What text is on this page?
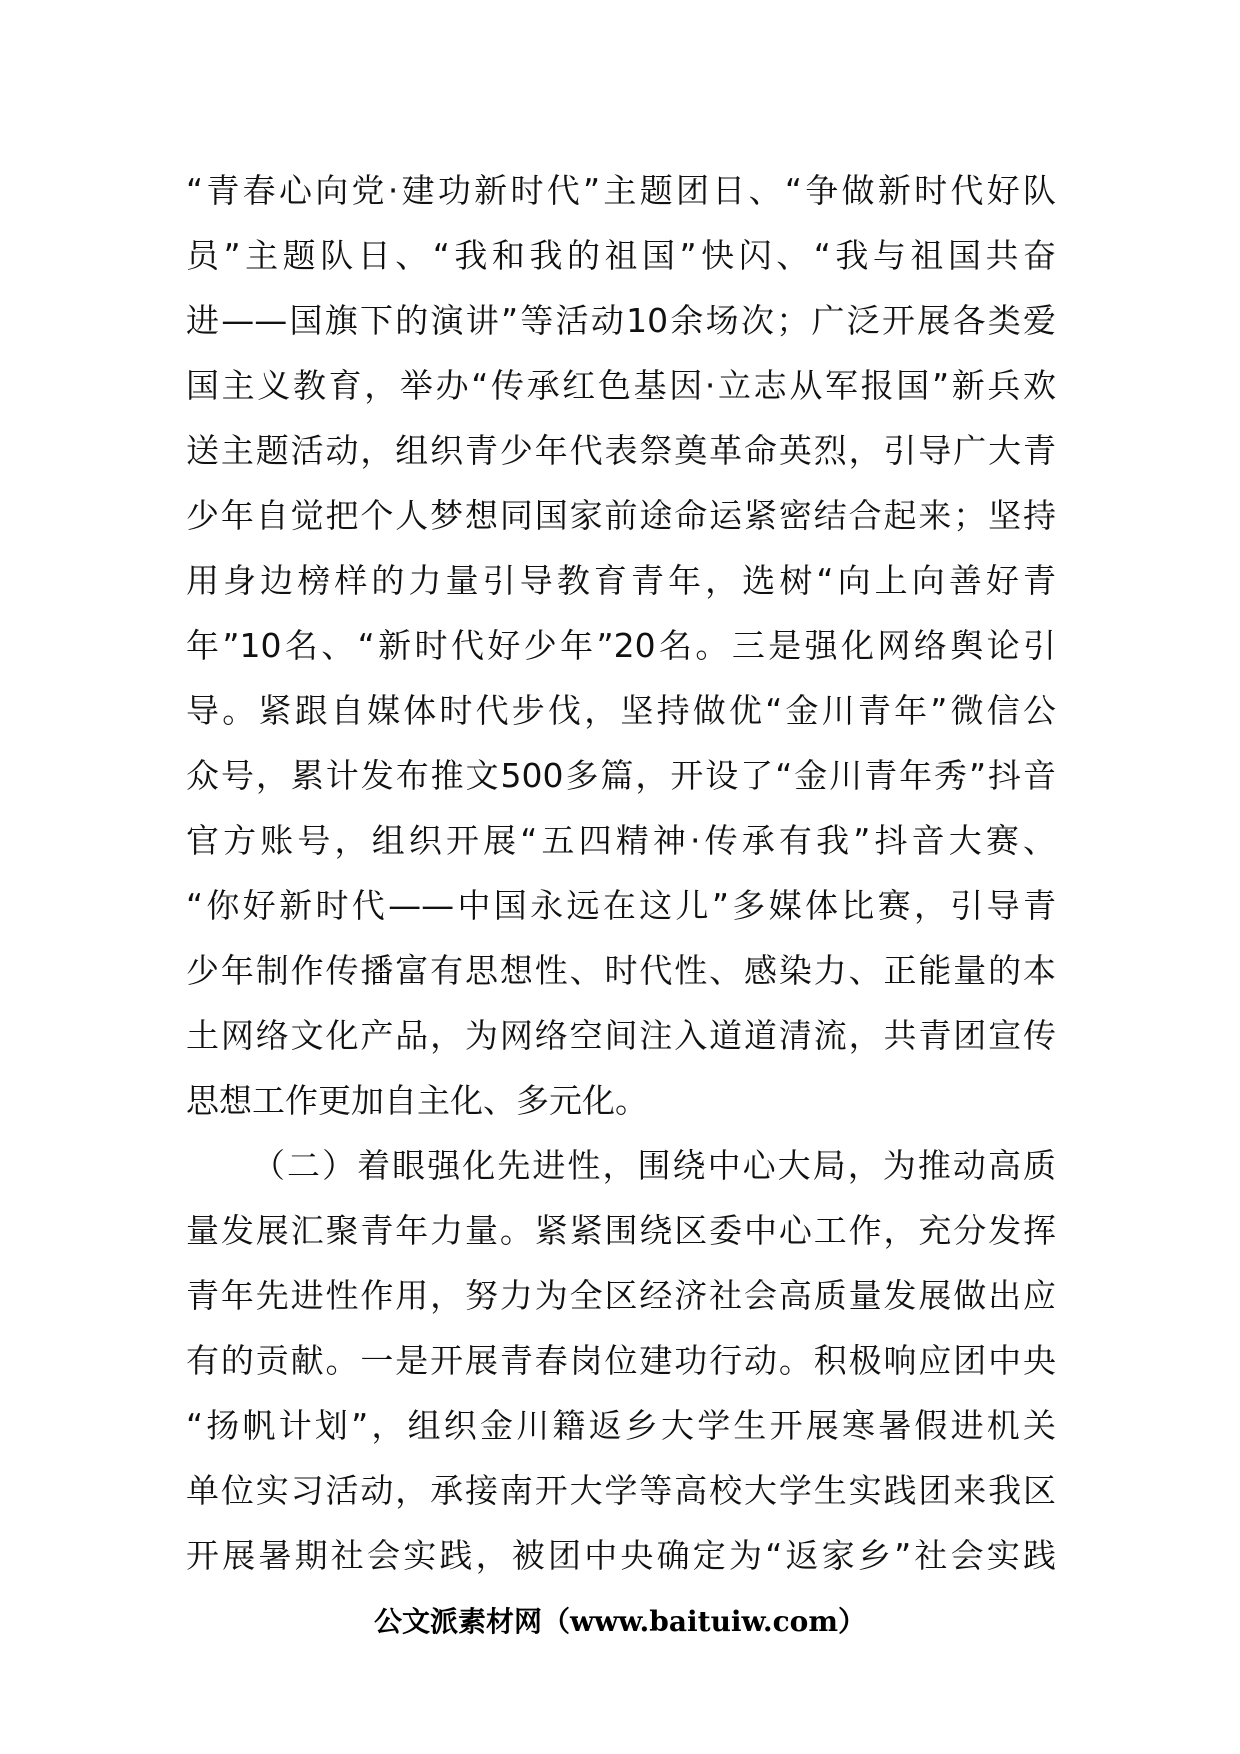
“青春心向党·建功新时代”主题团日、“争做新时代好队
员”主题队日、“我和我的祖国”快闪、“我与祖国共奋
进——国旗下的演讲”等活动10余场次；广泛开展各类爱
国主义教育，举办“传承红色基因·立志从军报国”新兵欢
送主题活动，组织青少年代表祭奠革命英烈，引导广大青
少年自觉把个人梦想同国家前途命运紧密结合起来；坚持
用身边榜样的力量引导教育青年，选树“向上向善好青
年”10名、“新时代好少年”20名。三是强化网络舆论引
导。紧跟自媒体时代步伐，坚持做优“金川青年”微信公
众号，累计发布推文500多篇，开设了“金川青年秀”抖音
官方账号，组织开展“五四精神·传承有我”抖音大赛、
“你好新时代——中国永远在这儿”多媒体比赛，引导青
少年制作传播富有思想性、时代性、感染力、正能量的本
土网络文化产品，为网络空间注入道道清流，共青团宣传
思想工作更加自主化、多元化。
（二）着眼强化先进性，围绕中心大局，为推动高质
量发展汇聚青年力量。紧紧围绕区委中心工作，充分发挥
青年先进性作用，努力为全区经济社会高质量发展做出应
有的贡献。一是开展青春岗位建功行动。积极响应团中央
“扬帆计划”，组织金川籍返乡大学生开展寒暑假进机关
单位实习活动，承接南开大学等高校大学生实践团来我区
开展暑期社会实践，被团中央确定为“返家乡”社会实践
公文派素材网（www.baituiw.com）
